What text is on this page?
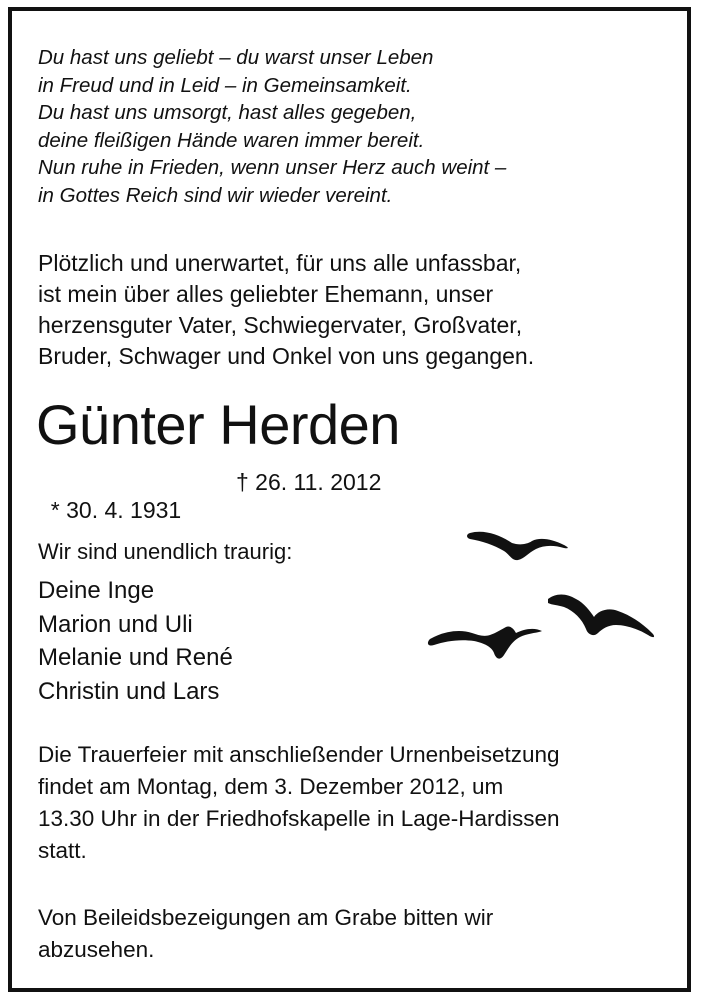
Du hast uns geliebt – du warst unser Leben
in Freud und in Leid – in Gemeinsamkeit.
Du hast uns umsorgt, hast alles gegeben,
deine fleißigen Hände waren immer bereit.
Nun ruhe in Frieden, wenn unser Herz auch weint –
in Gottes Reich sind wir wieder vereint.
Plötzlich und unerwartet, für uns alle unfassbar,
ist mein über alles geliebter Ehemann, unser
herzensguter Vater, Schwiegervater, Großvater,
Bruder, Schwager und Onkel von uns gegangen.
Günter Herden

* 30. 4. 1931

† 26. 11. 2012

Wir sind unendlich traurig:
Deine Inge
Marion und Uli
Melanie und René
Christin und Lars
Die Trauerfeier mit anschließender Urnenbeisetzung
findet am Montag, dem 3. Dezember 2012, um
13.30 Uhr in der Friedhofskapelle in Lage-Hardissen
statt.
Von Beileidsbezeigungen am Grabe bitten wir
abzusehen.
